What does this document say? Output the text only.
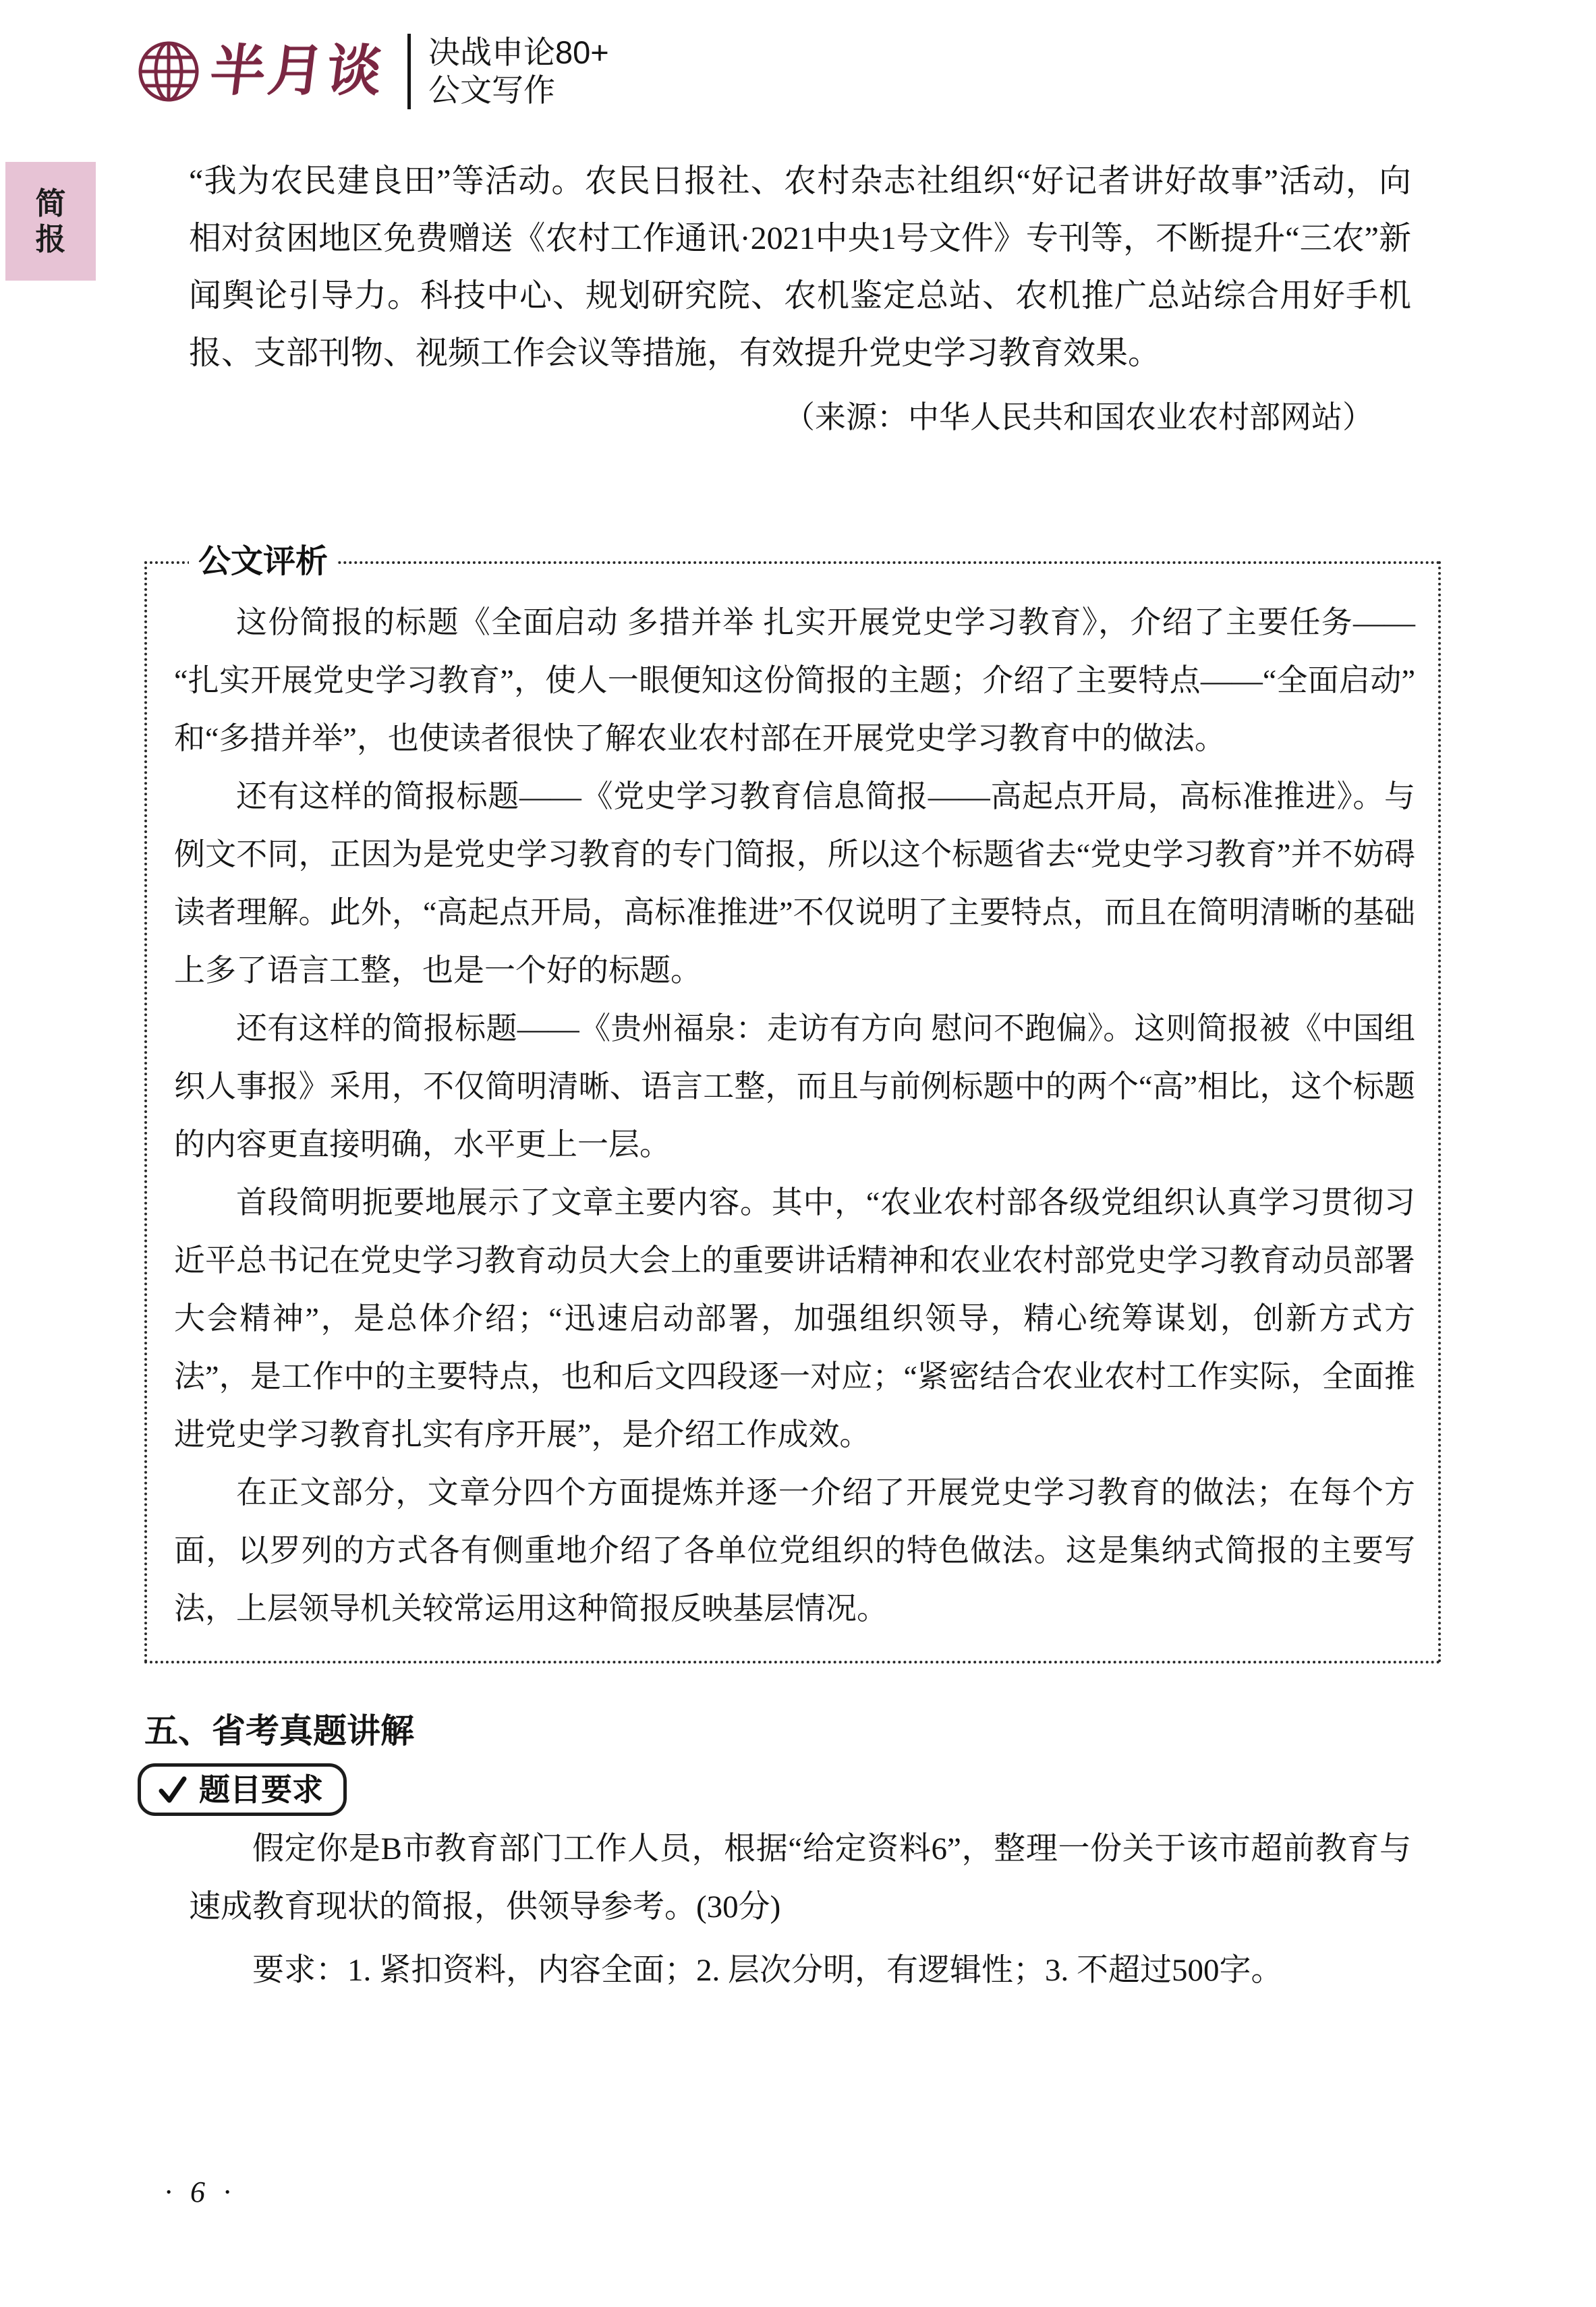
半月谈 决战申论80+
公文写作
简
报
“我为农民建良田”等活动。农民日报社、农村杂志社组织“好记者讲好故事”活动，向相对贫困地区免费赠送《农村工作通讯·2021中央1号文件》专刊等，不断提升“三农”新闻舆论引导力。科技中心、规划研究院、农机鉴定总站、农机推广总站综合用好手机报、支部刊物、视频工作会议等措施，有效提升党史学习教育效果。
（来源：中华人民共和国农业农村部网站）
公文评析

这份简报的标题《全面启动 多措并举 扎实开展党史学习教育》，介绍了主要任务——“扎实开展党史学习教育”，使人一眼便知这份简报的主题；介绍了主要特点——“全面启动”和“多措并举”，也使读者很快了解农业农村部在开展党史学习教育中的做法。

还有这样的简报标题——《党史学习教育信息简报——高起点开局，高标准推进》。与例文不同，正因为是党史学习教育的专门简报，所以这个标题省去“党史学习教育”并不妨碍读者理解。此外，“高起点开局，高标准推进”不仅说明了主要特点，而且在简明清晰的基础上多了语言工整，也是一个好的标题。

还有这样的简报标题——《贵州福泉：走访有方向 慰问不跑偏》。这则简报被《中国组织人事报》采用，不仅简明清晰、语言工整，而且与前例标题中的两个“高”相比，这个标题的内容更直接明确，水平更上一层。

首段简明扼要地展示了文章主要内容。其中，“农业农村部各级党组织认真学习贯彻习近平总书记在党史学习教育动员大会上的重要讲话精神和农业农村部党史学习教育动员部署大会精神”，是总体介绍；“迅速启动部署，加强组织领导，精心统筹谋划，创新方式方法”，是工作中的主要特点，也和后文四段逐一对应；“紧密结合农业农村工作实际，全面推进党史学习教育扎实有序开展”，是介绍工作成效。

在正文部分，文章分四个方面提炼并逐一介绍了开展党史学习教育的做法；在每个方面，以罗列的方式各有侧重地介绍了各单位党组织的特色做法。这是集纳式简报的主要写法，上层领导机关较常运用这种简报反映基层情况。

五、省考真题讲解
题目要求
假定你是B市教育部门工作人员，根据“给定资料6”，整理一份关于该市超前教育与速成教育现状的简报，供领导参考。(30分)
要求：1. 紧扣资料，内容全面；2. 层次分明，有逻辑性；3. 不超过500字。
· 6 ·
